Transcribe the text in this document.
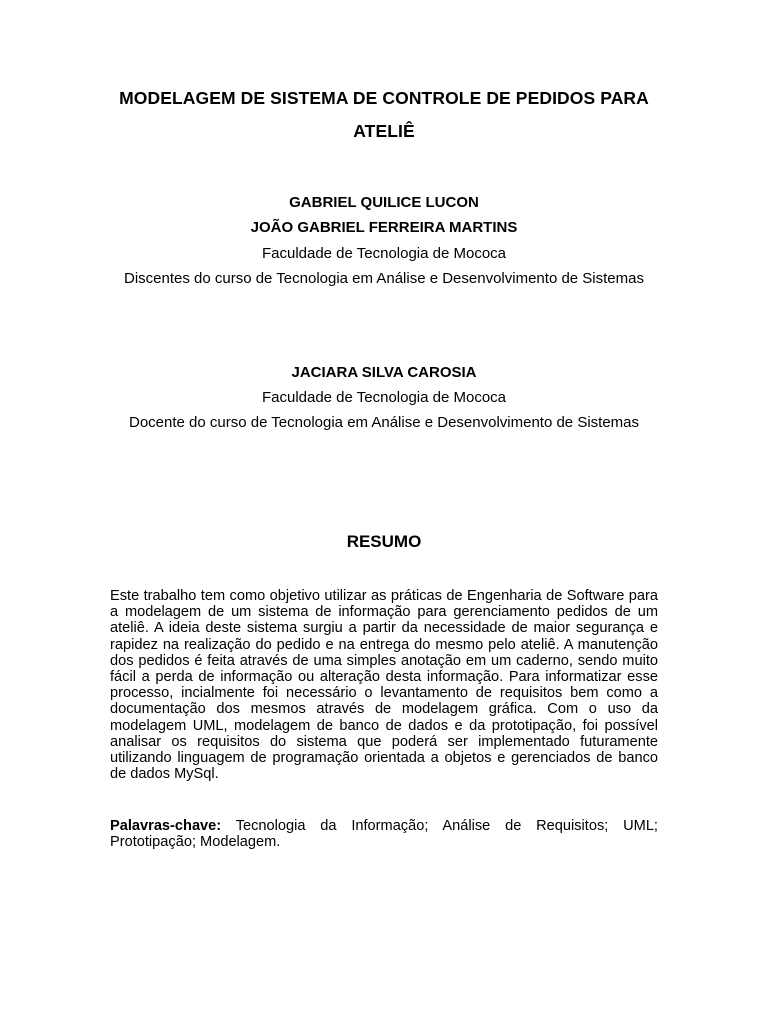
MODELAGEM DE SISTEMA DE CONTROLE DE PEDIDOS PARA ATELIÊ

GABRIEL QUILICE LUCON

JOÃO GABRIEL FERREIRA MARTINS

Faculdade de Tecnologia de Mococa

Discentes do curso de Tecnologia em Análise e Desenvolvimento de Sistemas

JACIARA SILVA CAROSIA

Faculdade de Tecnologia de Mococa

Docente do curso de Tecnologia em Análise e Desenvolvimento de Sistemas

RESUMO

Este trabalho tem como objetivo utilizar as práticas de Engenharia de Software para a modelagem de um sistema de informação para gerenciamento pedidos de um ateliê. A ideia deste sistema surgiu a partir da necessidade de maior segurança e rapidez na realização do pedido e na entrega do mesmo pelo ateliê. A manutenção dos pedidos é feita através de uma simples anotação em um caderno, sendo muito fácil a perda de informação ou alteração desta informação. Para informatizar esse processo, incialmente foi necessário o levantamento de requisitos bem como a documentação dos mesmos através de modelagem gráfica. Com o uso da modelagem UML, modelagem de banco de dados e da prototipação, foi possível analisar os requisitos do sistema que poderá ser implementado futuramente utilizando linguagem de programação orientada a objetos e gerenciados de banco de dados MySql.

Palavras-chave: Tecnologia da Informação; Análise de Requisitos; UML; Prototipação; Modelagem.
